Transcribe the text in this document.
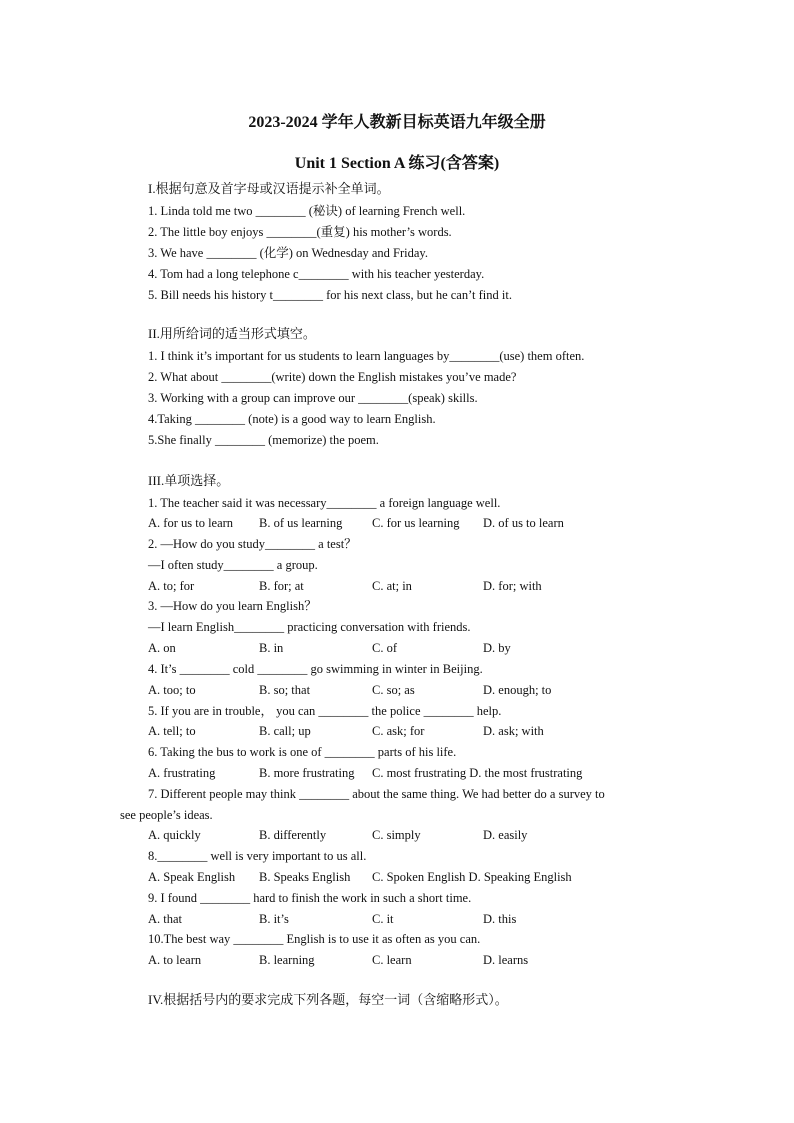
2023-2024 学年人教新目标英语九年级全册
Unit 1 Section A 练习(含答案)
I.根据句意及首字母或汉语提示补全单词。
1. Linda told me two ________ (秘诀) of learning French well.
2. The little boy enjoys ________(重复) his mother’s words.
3. We have ________ (化学) on Wednesday and Friday.
4. Tom had a long telephone c________ with his teacher yesterday.
5. Bill needs his history t________ for his next class, but he can’t find it.
II.用所给词的适当形式填空。
1. I think it’s important for us students to learn languages by________(use) them often.
2. What about ________(write) down the English mistakes you’ve made?
3. Working with a group can improve our ________(speak) skills.
4.Taking ________ (note) is a good way to learn English.
5.She finally ________ (memorize) the poem.
III.单项选择。
1. The teacher said it was necessary________ a foreign language well.
A. for us to learn B. of us learning C. for us learning D. of us to learn
2. —How do you study________ a test？
—I often study________ a group.
A. to; for	B. for; at	C. at; in	D. for; with
3. —How do you learn English？
—I learn English________ practicing conversation with friends.
A. on	B. in	C. of	D. by
4. It’s ________ cold ________ go swimming in winter in Beijing.
A. too; to	B. so; that	C. so; as	D. enough; to
5. If you are in trouble， you can ________ the police ________ help.
A. tell; to	B. call; up	C. ask; for	D. ask; with
6. Taking the bus to work is one of ________ parts of his life.
A. frustrating	B. more frustrating C. most frustrating D. the most frustrating
7. Different people may think ________ about the same thing. We had better do a survey to
see people’s ideas.
A. quickly	B. differently	C. simply	D. easily
8.________ well is very important to us all.
A. Speak English B. Speaks English C. Spoken English D. Speaking English
9. I found ________ hard to finish the work in such a short time.
A. that	B. it’s	C. it	D. this
10.The best way ________ English is to use it as often as you can.
A. to learn	B. learning	C. learn	D. learns
IV.根据括号内的要求完成下列各题，每空一词（含缩略形式）。
